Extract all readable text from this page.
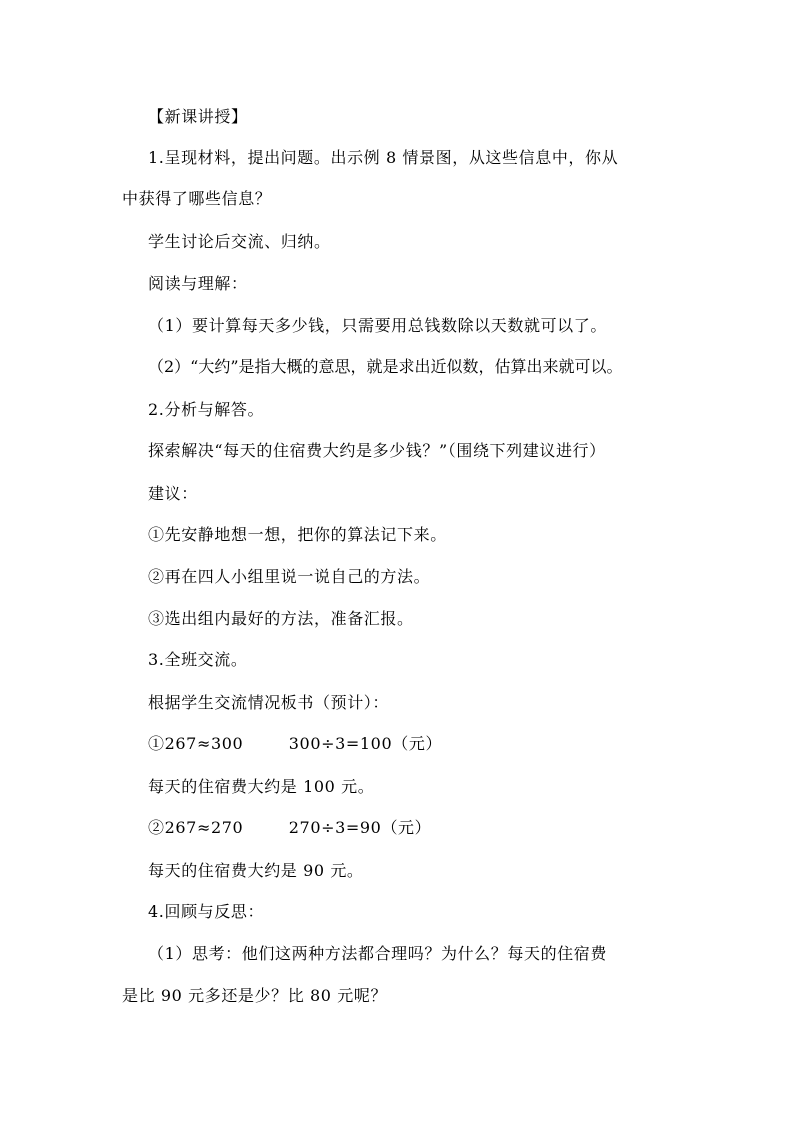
【新课讲授】
1.呈现材料，提出问题。出示例 8 情景图，从这些信息中，你从
中获得了哪些信息？
学生讨论后交流、归纳。
阅读与理解：
（1）要计算每天多少钱，只需要用总钱数除以天数就可以了。
（2）“大约”是指大概的意思，就是求出近似数，估算出来就可以。
2.分析与解答。
探索解决“每天的住宿费大约是多少钱？”（围绕下列建议进行）
建议：
①先安静地想一想，把你的算法记下来。
②再在四人小组里说一说自己的方法。
③选出组内最好的方法，准备汇报。
3.全班交流。
根据学生交流情况板书（预计）：
①267≈300        300÷3=100（元）
每天的住宿费大约是 100 元。
②267≈270        270÷3=90（元）
每天的住宿费大约是 90 元。
4.回顾与反思：
（1）思考：他们这两种方法都合理吗？为什么？每天的住宿费
是比 90 元多还是少？比 80 元呢？
